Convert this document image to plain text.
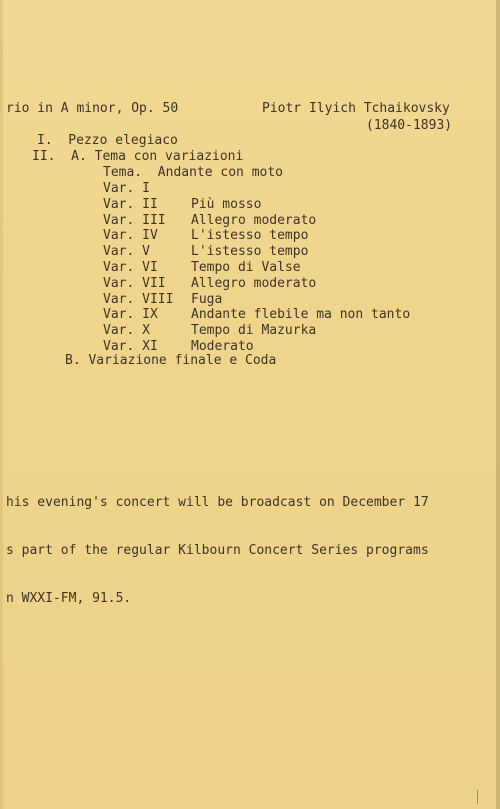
rio in A minor, Op. 50	Piotr Ilyich Tchaikovsky
(1840-1893)
I.  Pezzo elegiaco
II.  A. Tema con variazioni
Tema.  Andante con moto
Var. I
Var. II	Più mosso
Var. III Allegro moderato
Var. IV	L'istesso tempo
Var. V	L'istesso tempo
Var. VI	Tempo di Valse
Var. VII Allegro moderato
Var. VIII Fuga
Var. IX	Andante flebile ma non tanto
Var. X	Tempo di Mazurka
Var. XI	Moderato
B. Variazione finale e Coda

his evening's concert will be broadcast on December 17

s part of the regular Kilbourn Concert Series programs

n WXXI-FM, 91.5.
